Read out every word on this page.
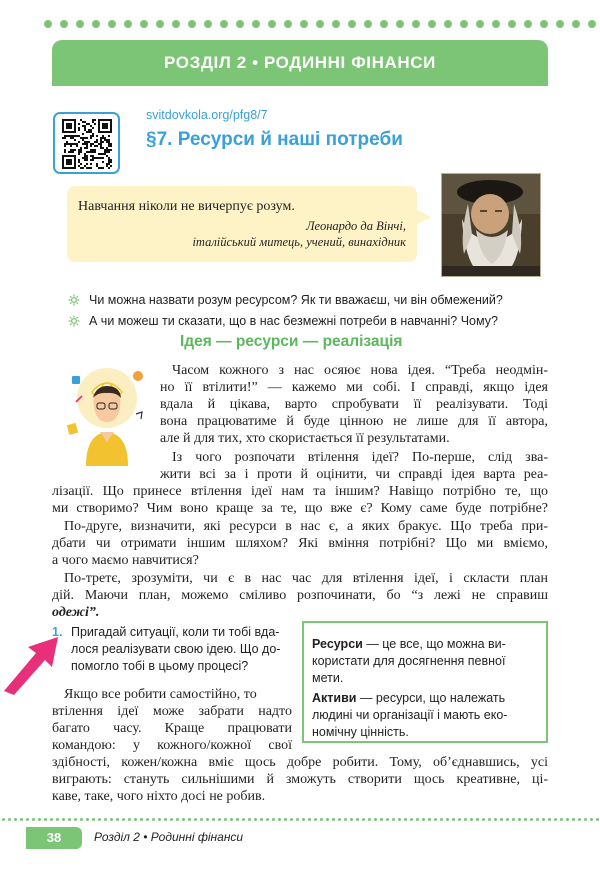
РОЗДІЛ 2 • РОДИННІ ФІНАНСИ
svitdovkola.org/pfg8/7
§7. Ресурси й наші потреби
Навчання ніколи не вичерпує розум.
Леонардо да Вінчі,
італійський митець, учений, винахідник
Чи можна назвати розум ресурсом? Як ти вважаєш, чи він обмежений?
А чи можеш ти сказати, що в нас безмежні потреби в навчанні? Чому?
Ідея — ресурси — реалізація
Часом кожного з нас осяює нова ідея. “Треба неодмін-
но її втілити!” — кажемо ми собі. І справді, якщо ідея
вдала й цікава, варто спробувати її реалізувати. Тоді
вона працюватиме й буде цінною не лише для її автора,
але й для тих, хто скористається її результатами.
Із чого розпочати втілення ідеї? По-перше, слід зва-
жити всі за і проти й оцінити, чи справді ідея варта реа-
лізації. Що принесе втілення ідеї нам та іншим? Навіщо потрібно те, що
ми створимо? Чим воно краще за те, що вже є? Кому саме буде потрібне?
По-друге, визначити, які ресурси в нас є, а яких бракує. Що треба при-
дбати чи отримати іншим шляхом? Які вміння потрібні? Що ми вміємо,
а чого маємо навчитися?
По-третє, зрозуміти, чи є в нас час для втілення ідеї, і скласти план
дій. Маючи план, можемо сміливо розпочинати, бо “з лежі не справиш
одежі”.
1. Пригадай ситуації, коли ти тобі вда-
лося реалізувати свою ідею. Що до-
помогло тобі в цьому процесі?
Ресурси — це все, що можна ви-
користати для досягнення певної
мети.
Активи — ресурси, що належать
людині чи організації і мають еко-
номічну цінність.
Якщо все робити самостійно, то
втілення ідеї може забрати надто
багато часу. Краще працювати
командою: у кожного/кожної свої
здібності, кожен/кожна вміє щось добре робити. Тому, об’єднавшись, усі
виграють: стануть сильнішими й зможуть створити щось креативне, ці-
каве, таке, чого ніхто досі не робив.
38	Розділ 2 • Родинні фінанси
